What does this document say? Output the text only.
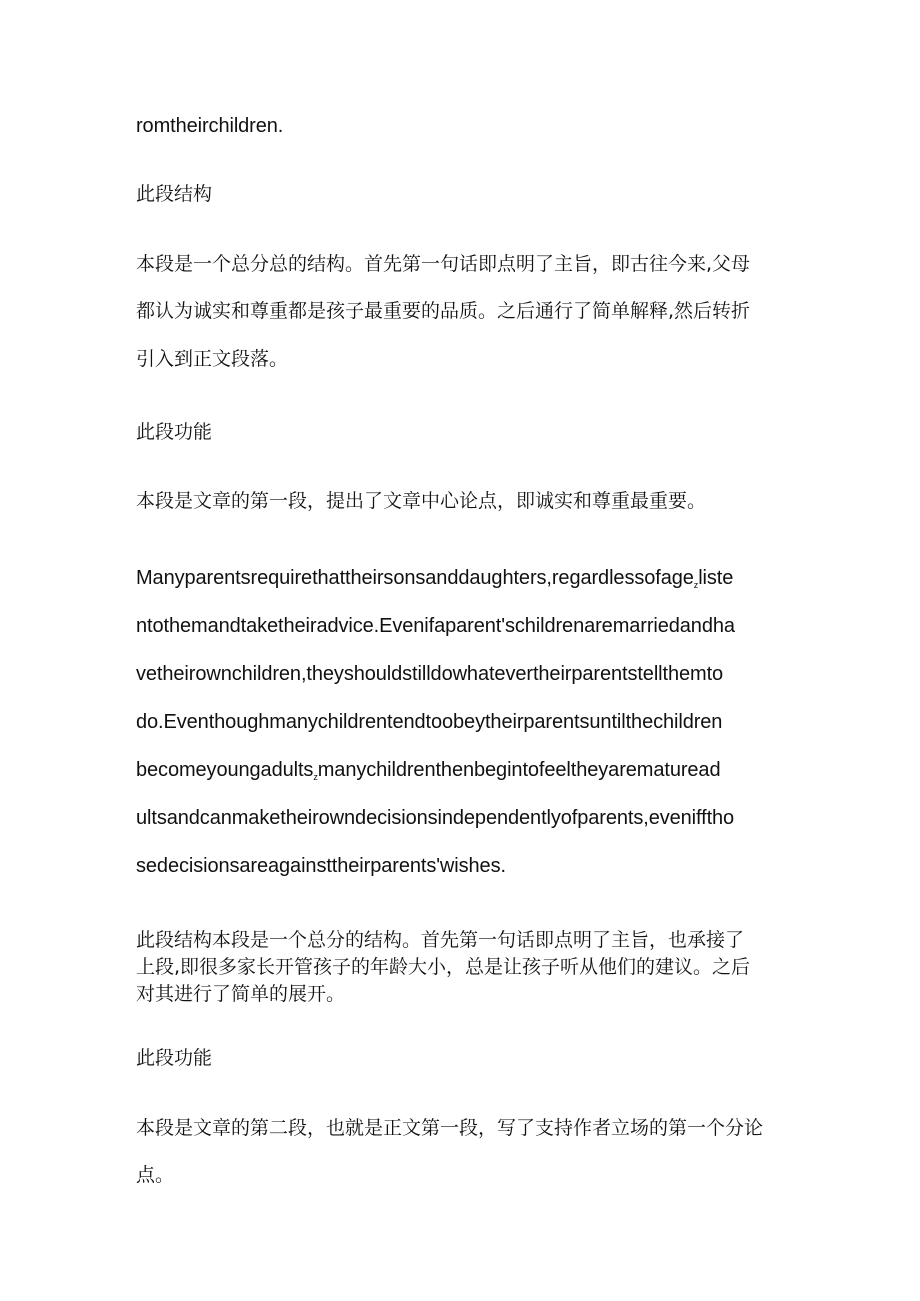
romtheirchildren.
此段结构
本段是一个总分总的结构。首先第一句话即点明了主旨，即古往今来,父母
都认为诚实和尊重都是孩子最重要的品质。之后通行了简单解释,然后转折
引入到正文段落。
此段功能
本段是文章的第一段，提出了文章中心论点，即诚实和尊重最重要。
Manyparentsrequirethattheirsonsanddaughters,regardlessofage$_z$liste
ntothemandtaketheiradvice.Evenifaparent'schildrenaremarriedandha
vetheirownchildren,theyshouldstilldowhatevertheirparentstellthemto
do.Eventhoughmanychildrentendtoobeytheirparentsuntilthechildren
becomeyoungadults$_z$manychildrenthenbegintofeeltheyarematuread
ultsandcanmaketheirowndecisionsindependentlyofparents,evenifftho
sedecisionsareagainsttheirparents'wishes.
此段结构本段是一个总分的结构。首先第一句话即点明了主旨，也承接了
上段,即很多家长开管孩子的年龄大小，总是让孩子听从他们的建议。之后
对其进行了简单的展开。
此段功能
本段是文章的第二段，也就是正文第一段，写了支持作者立场的第一个分论
点。
